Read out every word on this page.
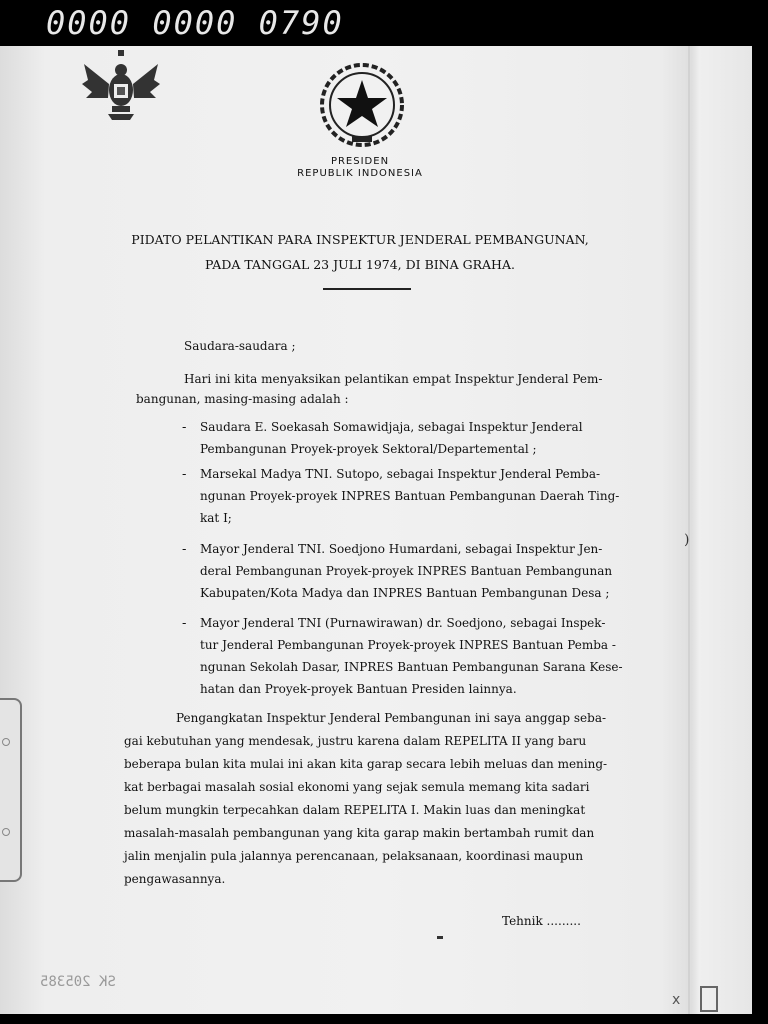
0000 0000 0790
PRESIDEN
REPUBLIK INDONESIA
PIDATO PELANTIKAN PARA INSPEKTUR JENDERAL PEMBANGUNAN,
PADA TANGGAL 23 JULI 1974, DI BINA GRAHA.
Saudara-saudara ;
Hari ini kita menyaksikan pelantikan empat Inspektur Jenderal Pem-
bangunan, masing-masing adalah :
- Saudara E. Soekasah Somawidjaja, sebagai Inspektur Jenderal
Pembangunan Proyek-proyek Sektoral/Departemental ;
- Marsekal Madya TNI. Sutopo, sebagai Inspektur Jenderal Pemba-
ngunan Proyek-proyek INPRES Bantuan Pembangunan Daerah Ting-
kat I;
- Mayor Jenderal TNI. Soedjono Humardani, sebagai Inspektur Jen-
deral Pembangunan Proyek-proyek INPRES Bantuan Pembangunan
Kabupaten/Kota Madya dan INPRES Bantuan Pembangunan Desa ;
- Mayor Jenderal TNI (Purnawirawan) dr. Soedjono, sebagai Inspek-
tur Jenderal Pembangunan Proyek-proyek INPRES Bantuan Pemba -
ngunan Sekolah Dasar, INPRES Bantuan Pembangunan Sarana Kese-
hatan dan Proyek-proyek Bantuan Presiden lainnya.
Pengangkatan Inspektur Jenderal Pembangunan ini saya anggap seba-
gai kebutuhan yang mendesak, justru karena dalam REPELITA II yang baru
beberapa bulan kita mulai ini akan kita garap secara lebih meluas dan mening-
kat berbagai masalah sosial ekonomi yang sejak semula memang kita sadari
belum mungkin terpecahkan dalam REPELITA I. Makin luas dan meningkat
masalah-masalah pembangunan yang kita garap makin bertambah rumit dan
jalin menjalin pula jalannya perencanaan, pelaksanaan, koordinasi maupun
pengawasannya.
Tehnik .........
)
SK 205385
x
